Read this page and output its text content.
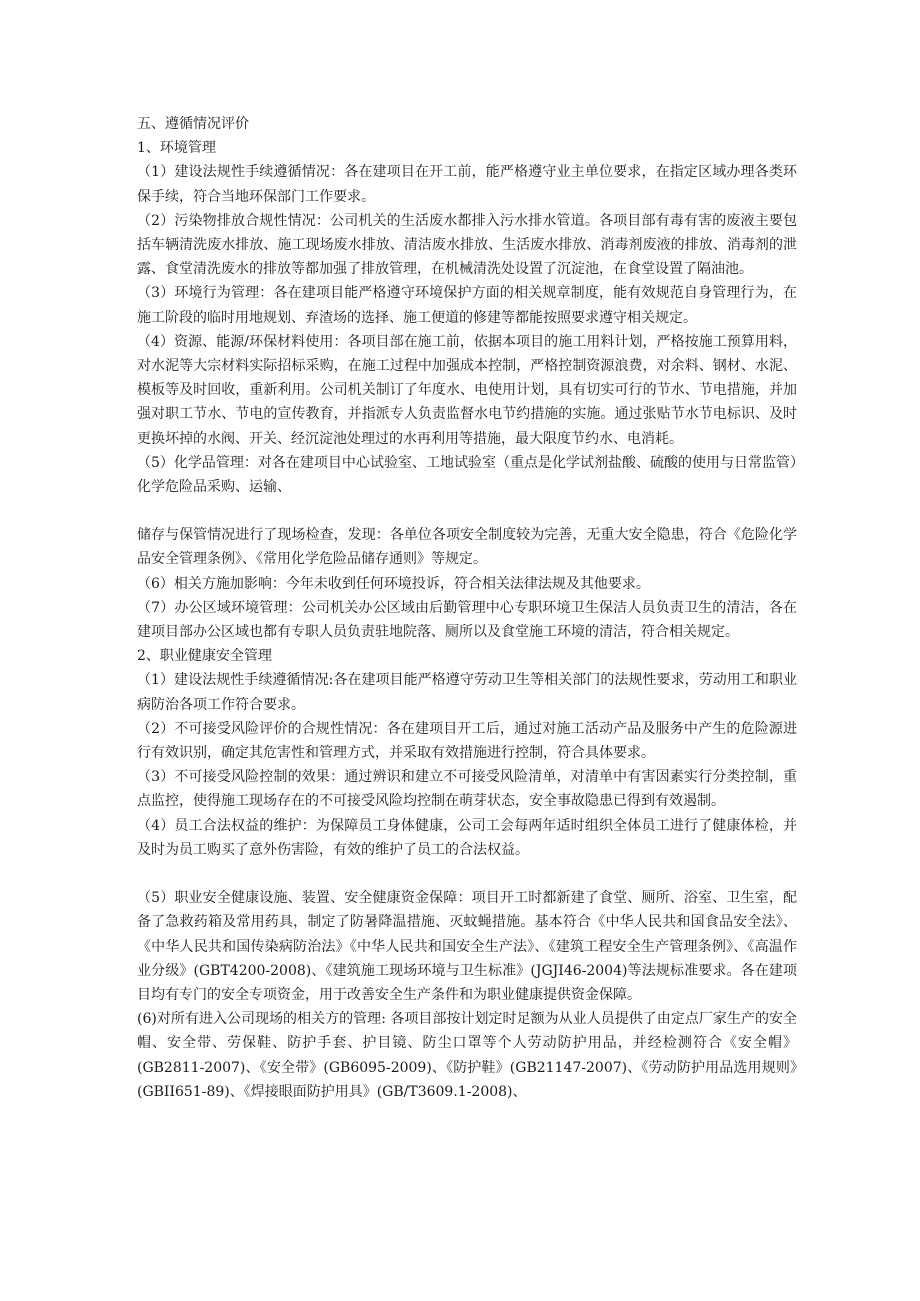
五、遵循情况评价

1、环境管理

（1）建设法规性手续遵循情况：各在建项目在开工前，能严格遵守业主单位要求，在指定区域办理各类环保手续，符合当地环保部门工作要求。

（2）污染物排放合规性情况：公司机关的生活废水都排入污水排水管道。各项目部有毒有害的废液主要包括车辆清洗废水排放、施工现场废水排放、清洁废水排放、生活废水排放、消毒剂废液的排放、消毒剂的泄露、食堂清洗废水的排放等都加强了排放管理，在机械清洗处设置了沉淀池，在食堂设置了隔油池。

（3）环境行为管理：各在建项目能严格遵守环境保护方面的相关规章制度，能有效规范自身管理行为，在施工阶段的临时用地规划、弃渣场的选择、施工便道的修建等都能按照要求遵守相关规定。

（4）资源、能源/环保材料使用：各项目部在施工前，依据本项目的施工用料计划，严格按施工预算用料，对水泥等大宗材料实际招标采购，在施工过程中加强成本控制，严格控制资源浪费，对余料、钢材、水泥、模板等及时回收，重新利用。公司机关制订了年度水、电使用计划，具有切实可行的节水、节电措施，并加强对职工节水、节电的宣传教育，并指派专人负责监督水电节约措施的实施。通过张贴节水节电标识、及时更换坏掉的水阀、开关、经沉淀池处理过的水再利用等措施，最大限度节约水、电消耗。

（5）化学品管理：对各在建项目中心试验室、工地试验室（重点是化学试剂盐酸、硫酸的使用与日常监管）化学危险品采购、运输、

储存与保管情况进行了现场检查，发现：各单位各项安全制度较为完善，无重大安全隐患，符合《危险化学品安全管理条例》、《常用化学危险品储存通则》等规定。

（6）相关方施加影响：今年未收到任何环境投诉，符合相关法律法规及其他要求。

（7）办公区域环境管理：公司机关办公区域由后勤管理中心专职环境卫生保洁人员负责卫生的清洁，各在建项目部办公区域也都有专职人员负责驻地院落、厕所以及食堂施工环境的清洁，符合相关规定。

2、职业健康安全管理

（1）建设法规性手续遵循情况:各在建项目能严格遵守劳动卫生等相关部门的法规性要求，劳动用工和职业病防治各项工作符合要求。

（2）不可接受风险评价的合规性情况：各在建项目开工后，通过对施工活动产品及服务中产生的危险源进行有效识别，确定其危害性和管理方式，并采取有效措施进行控制，符合具体要求。

（3）不可接受风险控制的效果：通过辨识和建立不可接受风险清单，对清单中有害因素实行分类控制，重点监控，使得施工现场存在的不可接受风险均控制在萌芽状态，安全事故隐患已得到有效遏制。

（4）员工合法权益的维护：为保障员工身体健康，公司工会每两年适时组织全体员工进行了健康体检，并及时为员工购买了意外伤害险，有效的维护了员工的合法权益。

（5）职业安全健康设施、装置、安全健康资金保障：项目开工时都新建了食堂、厕所、浴室、卫生室，配备了急救药箱及常用药具，制定了防暑降温措施、灭蚊蝇措施。基本符合《中华人民共和国食品安全法》、《中华人民共和国传染病防治法》《中华人民共和国安全生产法》、《建筑工程安全生产管理条例》、《高温作业分级》(GBT4200-2008)、《建筑施工现场环境与卫生标准》(JGJI46-2004)等法规标准要求。各在建项目均有专门的安全专项资金，用于改善安全生产条件和为职业健康提供资金保障。

(6)对所有进入公司现场的相关方的管理: 各项目部按计划定时足额为从业人员提供了由定点厂家生产的安全帽、安全带、劳保鞋、防护手套、护目镜、防尘口罩等个人劳动防护用品，并经检测符合《安全帽》(GB2811-2007)、《安全带》(GB6095-2009)、《防护鞋》(GB21147-2007)、《劳动防护用品选用规则》(GBII651-89)、《焊接眼面防护用具》(GB/T3609.1-2008)、
